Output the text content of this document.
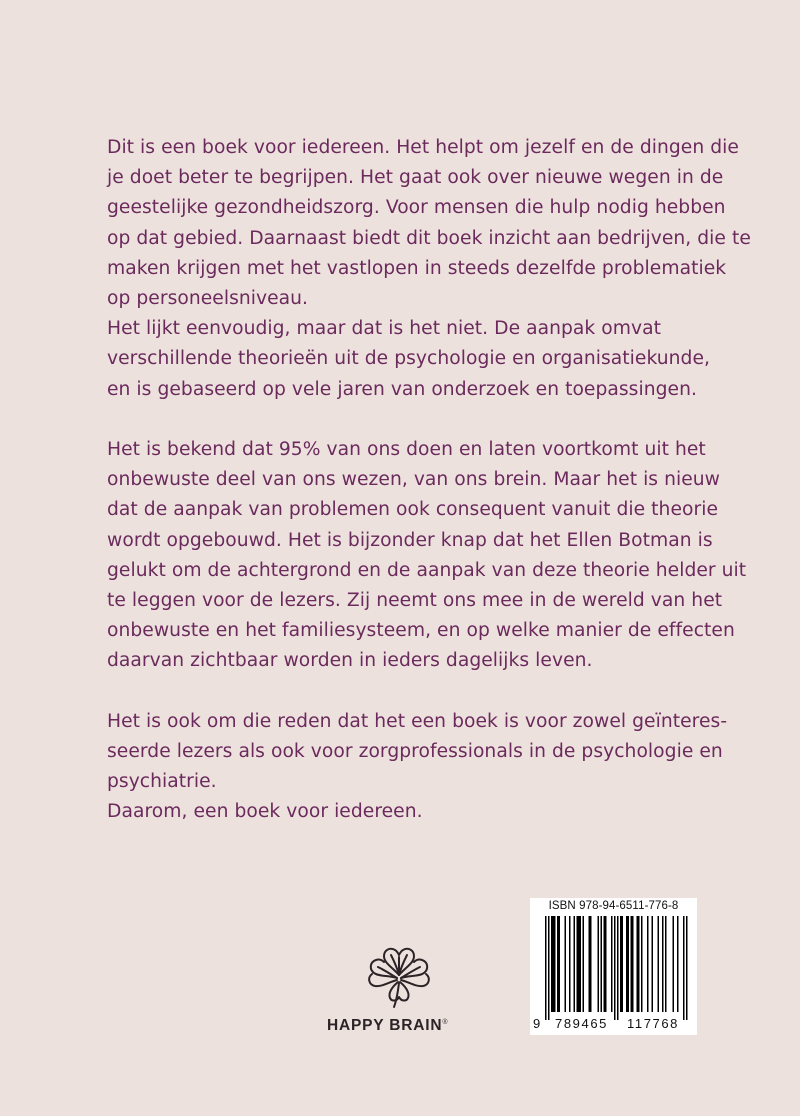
Dit is een boek voor iedereen. Het helpt om jezelf en de dingen die
je doet beter te begrijpen. Het gaat ook over nieuwe wegen in de
geestelijke gezondheidszorg. Voor mensen die hulp nodig hebben
op dat gebied. Daarnaast biedt dit boek inzicht aan bedrijven, die te
maken krijgen met het vastlopen in steeds dezelfde problematiek
op personeelsniveau.
Het lijkt eenvoudig, maar dat is het niet. De aanpak omvat
verschillende theorieën uit de psychologie en organisatiekunde,
en is gebaseerd op vele jaren van onderzoek en toepassingen.
Het is bekend dat 95% van ons doen en laten voortkomt uit het
onbewuste deel van ons wezen, van ons brein. Maar het is nieuw
dat de aanpak van problemen ook consequent vanuit die theorie
wordt opgebouwd. Het is bijzonder knap dat het Ellen Botman is
gelukt om de achtergrond en de aanpak van deze theorie helder uit
te leggen voor de lezers. Zij neemt ons mee in de wereld van het
onbewuste en het familiesysteem, en op welke manier de effecten
daarvan zichtbaar worden in ieders dagelijks leven.
Het is ook om die reden dat het een boek is voor zowel geïnteres-
seerde lezers als ook voor zorgprofessionals in de psychologie en
psychiatrie.
Daarom, een boek voor iedereen.
HAPPY BRAIN®
ISBN 978-94-6511-776-8
9 789465 117768
